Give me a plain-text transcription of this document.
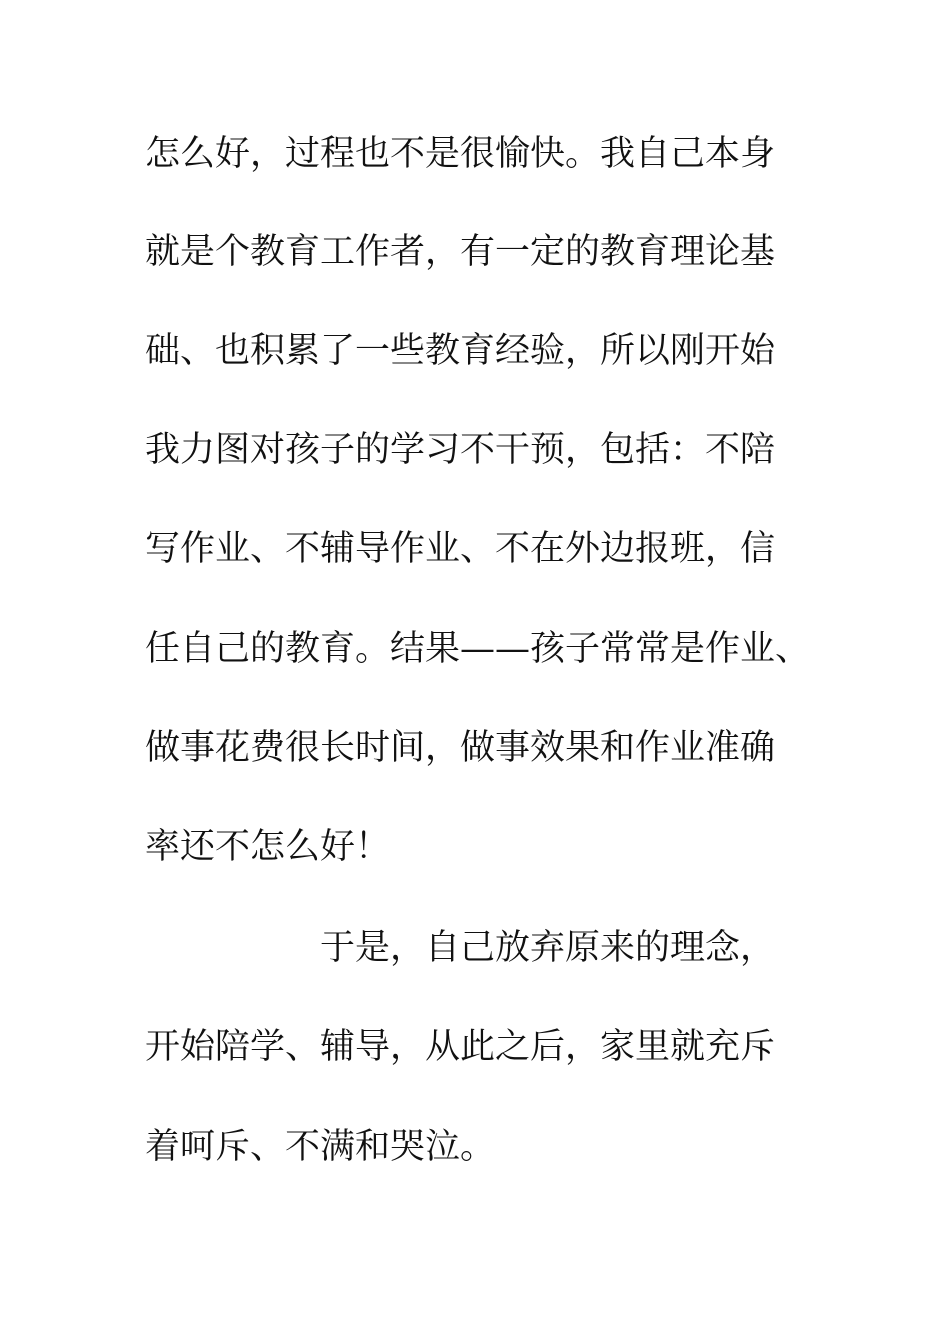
怎么好，过程也不是很愉快。我自己本身
就是个教育工作者，有一定的教育理论基
础、也积累了一些教育经验，所以刚开始
我力图对孩子的学习不干预，包括：不陪
写作业、不辅导作业、不在外边报班，信
任自己的教育。结果——孩子常常是作业、
做事花费很长时间，做事效果和作业准确
率还不怎么好！
于是，自己放弃原来的理念，
开始陪学、辅导，从此之后，家里就充斥
着呵斥、不满和哭泣。
